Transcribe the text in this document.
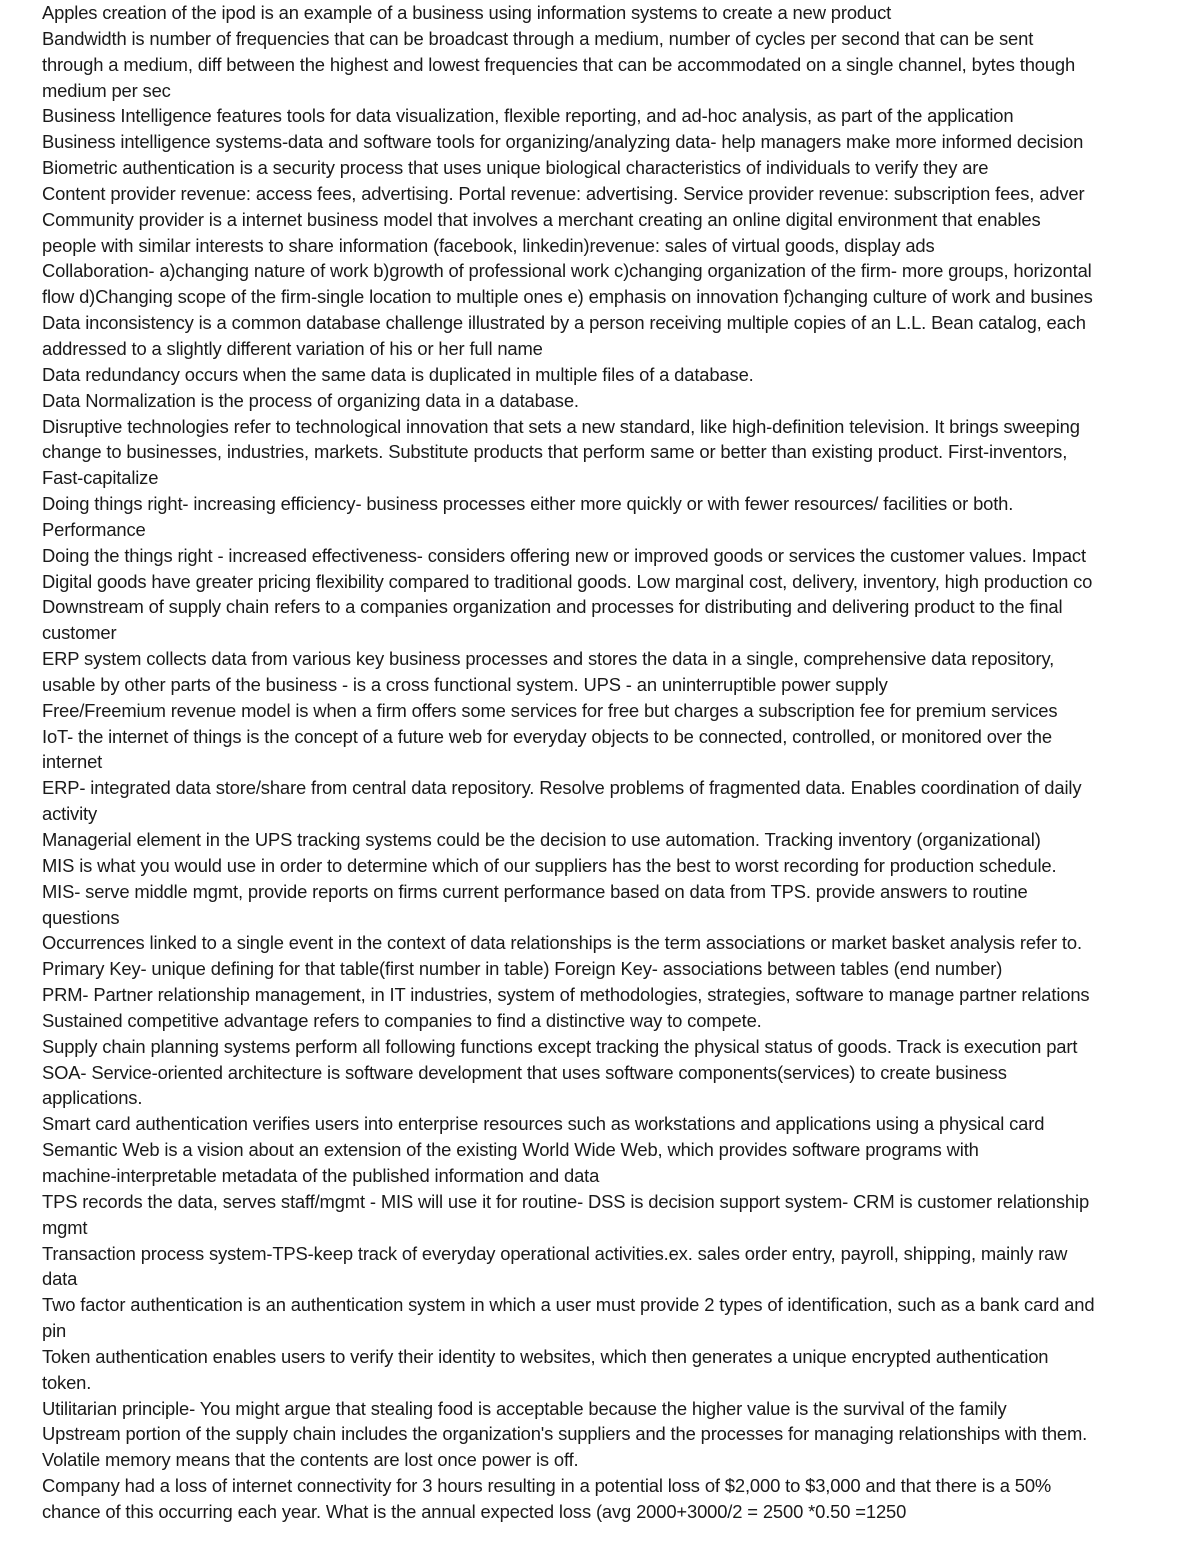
Apples creation of the ipod is an example of a business using information systems to create a new product
Bandwidth is number of frequencies that can be broadcast through a medium, number of cycles per second that can be sent
through a medium, diff between the highest and lowest frequencies that can be accommodated on a single channel, bytes though
medium per sec
Business Intelligence features tools for data visualization, flexible reporting, and ad-hoc analysis, as part of the application
Business intelligence systems-data and software tools for organizing/analyzing data- help managers make more informed decision
Biometric authentication is a security process that uses unique biological characteristics of individuals to verify they are
Content provider revenue: access fees, advertising. Portal revenue: advertising. Service provider revenue: subscription fees, adver
Community provider is a internet business model that involves a merchant creating an online digital environment that enables
people with similar interests to share information (facebook, linkedin)revenue: sales of virtual goods, display ads
Collaboration- a)changing nature of work b)growth of professional work c)changing organization of the firm- more groups, horizontal
flow d)Changing scope of the firm-single location to multiple ones e) emphasis on innovation f)changing culture of work and busines
Data inconsistency is a common database challenge illustrated by a person receiving multiple copies of an L.L. Bean catalog, each
addressed to a slightly different variation of his or her full name
Data redundancy occurs when the same data is duplicated in multiple files of a database.
Data Normalization is the process of organizing data in a database.
Disruptive technologies refer to technological innovation that sets a new standard, like high-definition television. It brings sweeping
change to businesses, industries, markets. Substitute products that perform same or better than existing product. First-inventors,
Fast-capitalize
Doing things right- increasing efficiency- business processes either more quickly or with fewer resources/ facilities or both.
Performance
Doing the things right - increased effectiveness- considers offering new or improved goods or services the customer values. Impact
Digital goods have greater pricing flexibility compared to traditional goods. Low marginal cost, delivery, inventory, high production co
Downstream of supply chain refers to a companies organization and processes for distributing and delivering product to the final
customer
ERP system collects data from various key business processes and stores the data in a single, comprehensive data repository,
usable by other parts of the business - is a cross functional system. UPS - an uninterruptible power supply
Free/Freemium revenue model is when a firm offers some services for free but charges a subscription fee for premium services
IoT- the internet of things is the concept of a future web for everyday objects to be connected, controlled, or monitored over the
internet
ERP- integrated data store/share from central data repository. Resolve problems of fragmented data. Enables coordination of daily
activity
Managerial element in the UPS tracking systems could be the decision to use automation. Tracking inventory (organizational)
MIS is what you would use in order to determine which of our suppliers has the best to worst recording for production schedule.
MIS- serve middle mgmt, provide reports on firms current performance based on data from TPS. provide answers to routine
questions
Occurrences linked to a single event in the context of data relationships is the term associations or market basket analysis refer to.
Primary Key- unique defining for that table(first number in table) Foreign Key- associations between tables (end number)
PRM- Partner relationship management, in IT industries, system of methodologies, strategies, software to manage partner relations
Sustained competitive advantage refers to companies to find a distinctive way to compete.
Supply chain planning systems perform all following functions except tracking the physical status of goods. Track is execution part
SOA- Service-oriented architecture is software development that uses software components(services) to create business
applications.
Smart card authentication verifies users into enterprise resources such as workstations and applications using a physical card
Semantic Web is a vision about an extension of the existing World Wide Web, which provides software programs with
machine-interpretable metadata of the published information and data
TPS records the data, serves staff/mgmt - MIS will use it for routine- DSS is decision support system- CRM is customer relationship
mgmt
Transaction process system-TPS-keep track of everyday operational activities.ex. sales order entry, payroll, shipping, mainly raw
data
Two factor authentication is an authentication system in which a user must provide 2 types of identification, such as a bank card and
pin
Token authentication enables users to verify their identity to websites, which then generates a unique encrypted authentication
token.
Utilitarian principle- You might argue that stealing food is acceptable because the higher value is the survival of the family
Upstream portion of the supply chain includes the organization's suppliers and the processes for managing relationships with them.
Volatile memory means that the contents are lost once power is off.
Company had a loss of internet connectivity for 3 hours resulting in a potential loss of $2,000 to $3,000 and that there is a 50%
chance of this occurring each year. What is the annual expected loss (avg 2000+3000/2 = 2500 *0.50 =1250
